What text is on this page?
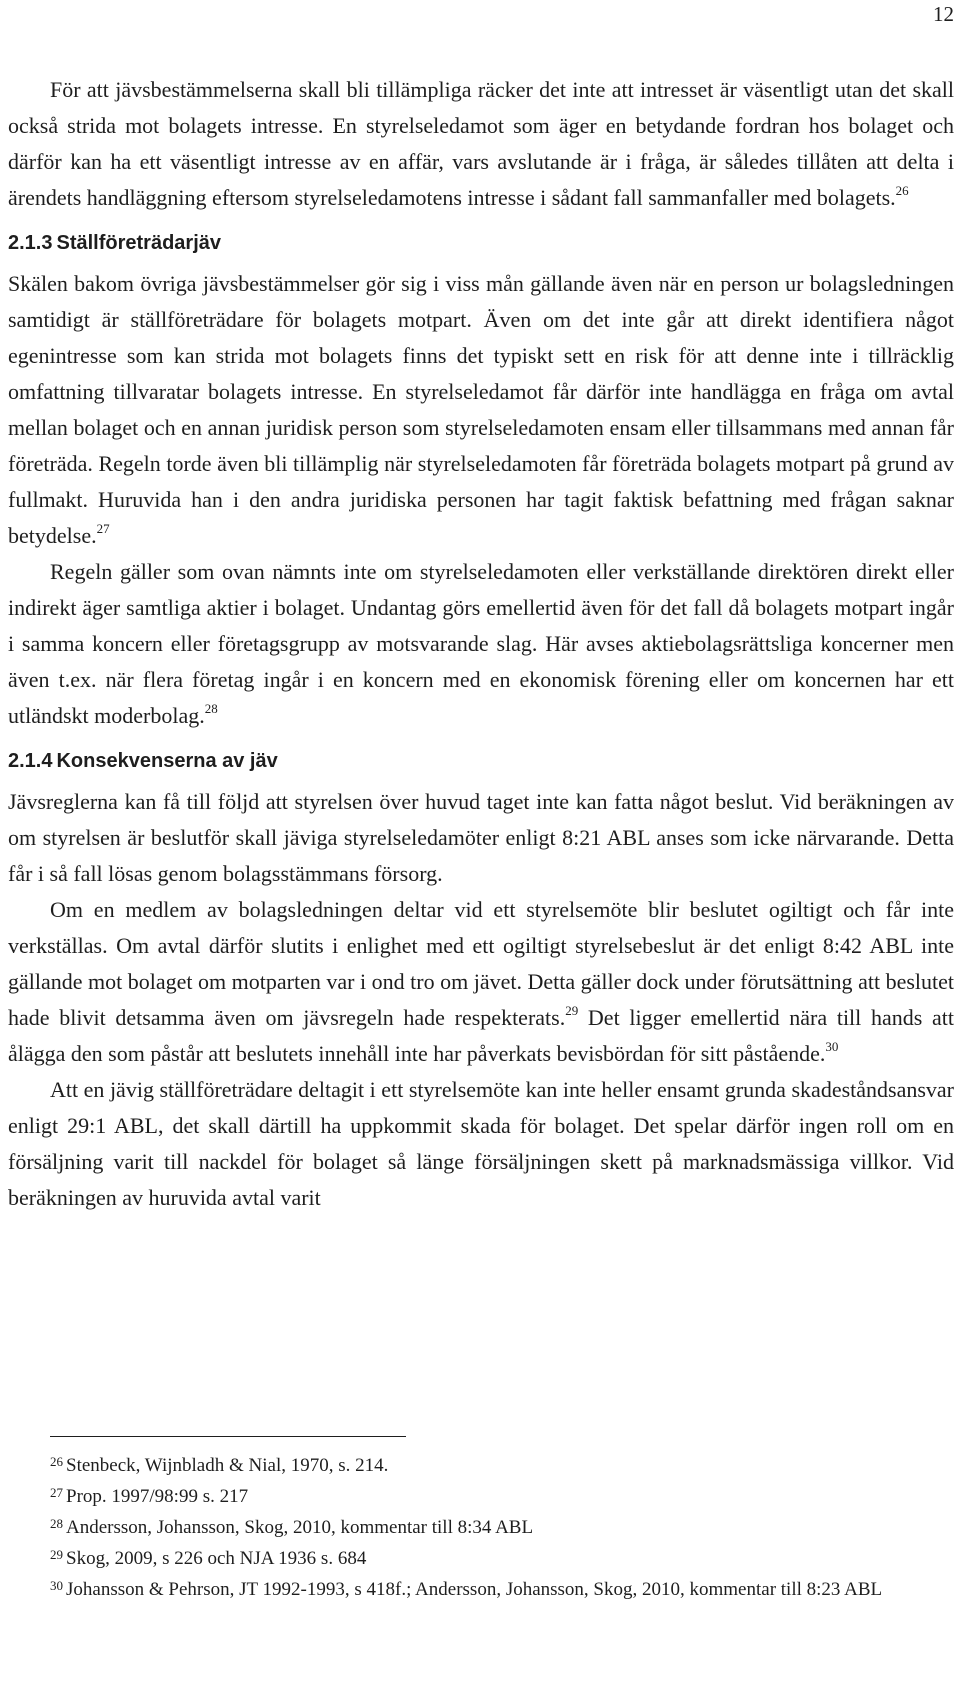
12

För att jävsbestämmelserna skall bli tillämpliga räcker det inte att intresset är väsentligt utan det skall också strida mot bolagets intresse. En styrelseledamot som äger en betydande fordran hos bolaget och därför kan ha ett väsentligt intresse av en affär, vars avslutande är i fråga, är således tillåten att delta i ärendets handläggning eftersom styrelseledamotens intresse i sådant fall sammanfaller med bolagets.$^{26}$

2.1.3 Ställföreträdarjäv

Skälen bakom övriga jävsbestämmelser gör sig i viss mån gällande även när en person ur bolagsledningen samtidigt är ställföreträdare för bolagets motpart. Även om det inte går att direkt identifiera något egenintresse som kan strida mot bolagets finns det typiskt sett en risk för att denne inte i tillräcklig omfattning tillvaratar bolagets intresse. En styrelseledamot får därför inte handlägga en fråga om avtal mellan bolaget och en annan juridisk person som styrelseledamoten ensam eller tillsammans med annan får företräda. Regeln torde även bli tillämplig när styrelseledamoten får företräda bolagets motpart på grund av fullmakt. Huruvida han i den andra juridiska personen har tagit faktisk befattning med frågan saknar betydelse.$^{27}$

Regeln gäller som ovan nämnts inte om styrelseledamoten eller verkställande direktören direkt eller indirekt äger samtliga aktier i bolaget. Undantag görs emellertid även för det fall då bolagets motpart ingår i samma koncern eller företagsgrupp av motsvarande slag. Här avses aktiebolagsrättsliga koncerner men även t.ex. när flera företag ingår i en koncern med en ekonomisk förening eller om koncernen har ett utländskt moderbolag.$^{28}$

2.1.4 Konsekvenserna av jäv

Jävsreglerna kan få till följd att styrelsen över huvud taget inte kan fatta något beslut. Vid beräkningen av om styrelsen är beslutför skall jäviga styrelseledamöter enligt 8:21 ABL anses som icke närvarande. Detta får i så fall lösas genom bolagsstämmans försorg.

Om en medlem av bolagsledningen deltar vid ett styrelsemöte blir beslutet ogiltigt och får inte verkställas. Om avtal därför slutits i enlighet med ett ogiltigt styrelsebeslut är det enligt 8:42 ABL inte gällande mot bolaget om motparten var i ond tro om jävet. Detta gäller dock under förutsättning att beslutet hade blivit detsamma även om jävsregeln hade respekterats.$^{29}$ Det ligger emellertid nära till hands att ålägga den som påstår att beslutets innehåll inte har påverkats bevisbördan för sitt påstående.$^{30}$

Att en jävig ställföreträdare deltagit i ett styrelsemöte kan inte heller ensamt grunda skadeståndsansvar enligt 29:1 ABL, det skall därtill ha uppkommit skada för bolaget. Det spelar därför ingen roll om en försäljning varit till nackdel för bolaget så länge försäljningen skett på marknadsmässiga villkor. Vid beräkningen av huruvida avtal varit

$^{26}$ Stenbeck, Wijnbladh & Nial, 1970, s. 214.

$^{27}$ Prop. 1997/98:99 s. 217

$^{28}$ Andersson, Johansson, Skog, 2010, kommentar till 8:34 ABL

$^{29}$ Skog, 2009, s 226 och NJA 1936 s. 684

$^{30}$ Johansson & Pehrson, JT 1992-1993, s 418f.; Andersson, Johansson, Skog, 2010, kommentar till 8:23 ABL
